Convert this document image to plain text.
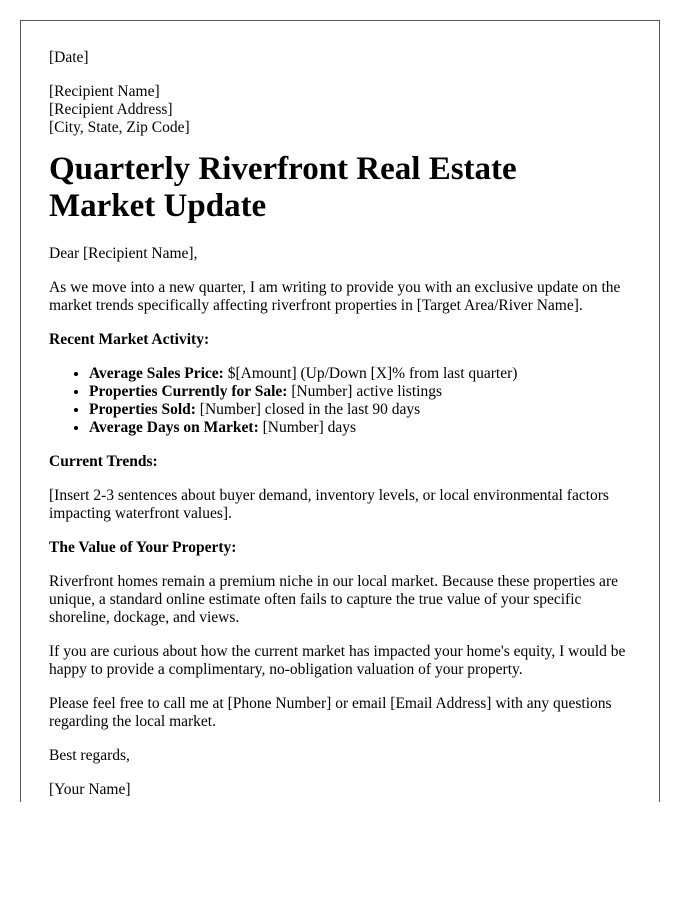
[Date]

[Recipient Name]
[Recipient Address]
[City, State, Zip Code]
Quarterly Riverfront Real Estate Market Update

Dear [Recipient Name],

As we move into a new quarter, I am writing to provide you with an exclusive update on the market trends specifically affecting riverfront properties in [Target Area/River Name].

Recent Market Activity:

• Average Sales Price: $[Amount] (Up/Down [X]% from last quarter)
• Properties Currently for Sale: [Number] active listings
• Properties Sold: [Number] closed in the last 90 days
• Average Days on Market: [Number] days

Current Trends:

[Insert 2-3 sentences about buyer demand, inventory levels, or local environmental factors impacting waterfront values].

The Value of Your Property:

Riverfront homes remain a premium niche in our local market. Because these properties are unique, a standard online estimate often fails to capture the true value of your specific shoreline, dockage, and views.

If you are curious about how the current market has impacted your home's equity, I would be happy to provide a complimentary, no-obligation valuation of your property.

Please feel free to call me at [Phone Number] or email [Email Address] with any questions regarding the local market.

Best regards,

[Your Name]
